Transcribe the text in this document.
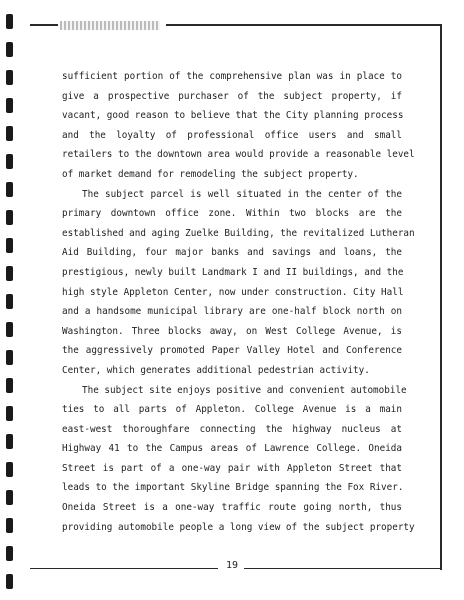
sufficient portion of the comprehensive plan was in place to
give a prospective purchaser of the subject property, if
vacant, good reason to believe that the City planning process
and the loyalty of professional office users and small
retailers to the downtown area would provide a reasonable level
of market demand for remodeling the subject property.
The subject parcel is well situated in the center of the
primary downtown office zone. Within two blocks are the
established and aging Zuelke Building, the revitalized Lutheran
Aid Building, four major banks and savings and loans, the
prestigious, newly built Landmark I and II buildings, and the
high style Appleton Center, now under construction. City Hall
and a handsome municipal library are one-half block north on
Washington. Three blocks away, on West College Avenue, is
the aggressively promoted Paper Valley Hotel and Conference
Center, which generates additional pedestrian activity.
The subject site enjoys positive and convenient automobile
ties to all parts of Appleton. College Avenue is a main
east-west thoroughfare connecting the highway nucleus at
Highway 41 to the Campus areas of Lawrence College. Oneida
Street is part of a one-way pair with Appleton Street that
leads to the important Skyline Bridge spanning the Fox River.
Oneida Street is a one-way traffic route going north, thus
providing automobile people a long view of the subject property
19
